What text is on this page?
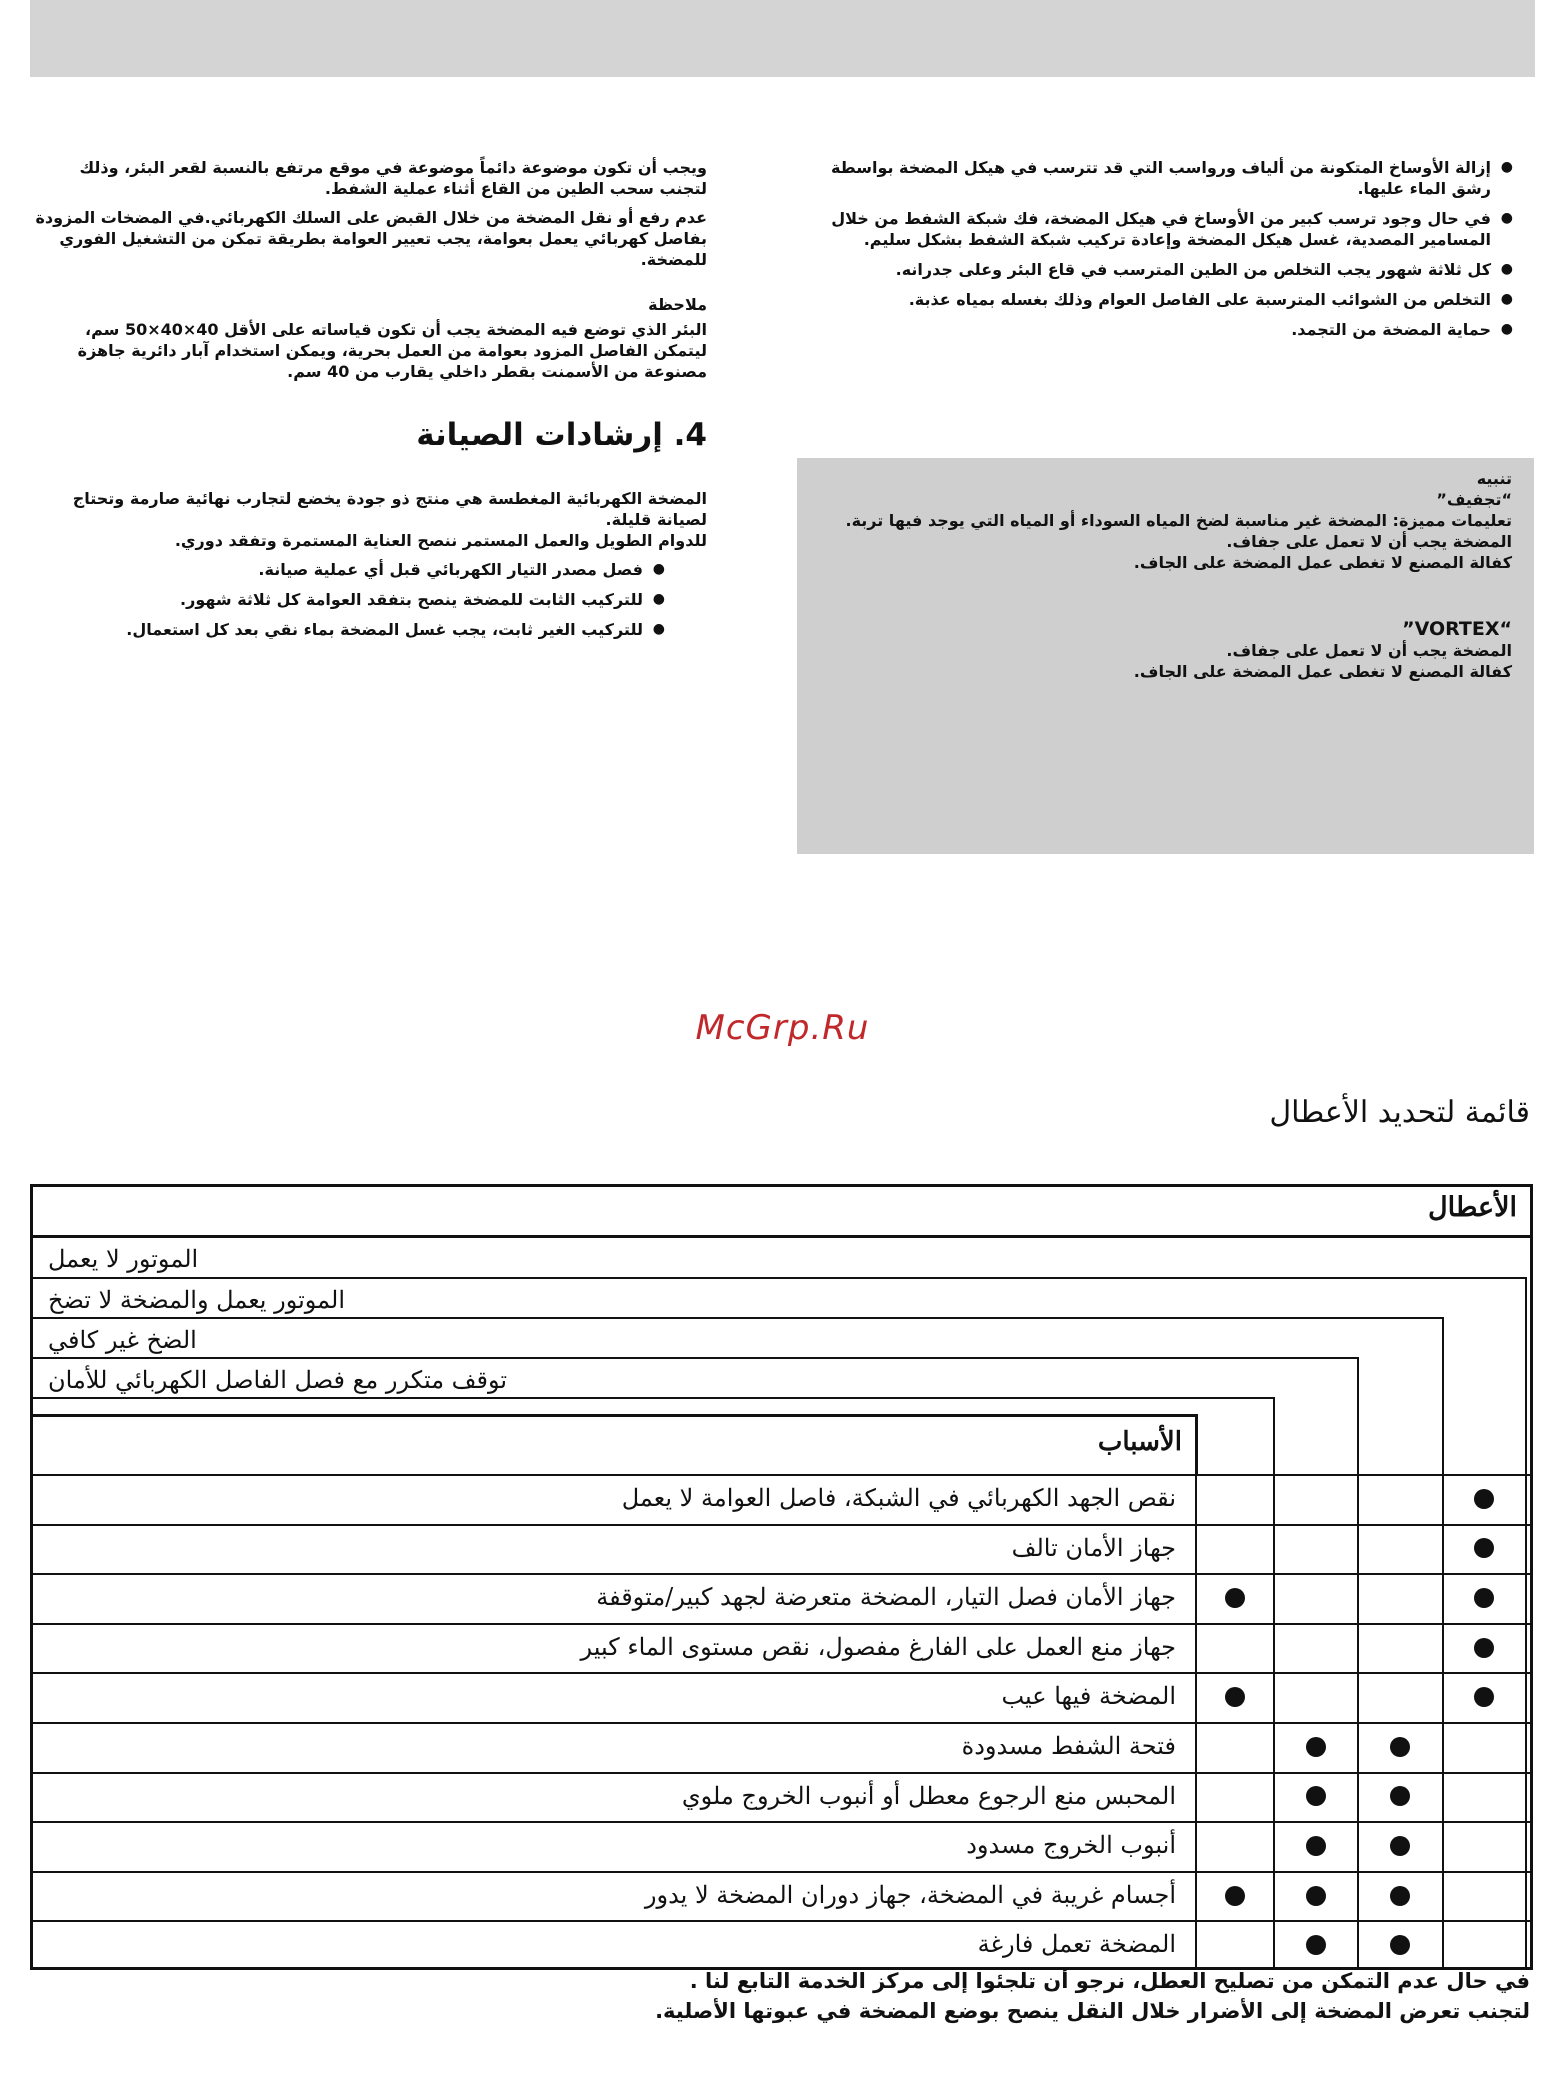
●
إزالة الأوساخ المتكونة من ألياف ورواسب التي قد تترسب في هيكل المضخة بواسطة رشق الماء عليها.
●
في حال وجود ترسب كبير من الأوساخ في هيكل المضخة، فك شبكة الشفط من خلال المسامير المصدية، غسل هيكل المضخة وإعادة تركيب شبكة الشفط بشكل سليم.
●
كل ثلاثة شهور يجب التخلص من الطين المترسب في قاع البئر وعلى جدرانه.
●
التخلص من الشوائب المترسبة على الفاصل العوام وذلك بغسله بمياه عذبة.
●
حماية المضخة من التجمد.

ويجب أن تكون موضوعة دائماً موضوعة في موقع مرتفع بالنسبة لقعر البئر، وذلك لتجنب سحب الطين من القاع أثناء عملية الشفط.

عدم رفع أو نقل المضخة من خلال القبض على السلك الكهربائي.في المضخات المزودة بفاصل كهربائي يعمل بعوامة، يجب تعيير العوامة بطريقة تمكن من التشغيل الفوري للمضخة.

ملاحظة

البئر الذي توضع فيه المضخة يجب أن تكون قياساته على الأقل 40×40×50 سم، ليتمكن الفاصل المزود بعوامة من العمل بحرية، ويمكن استخدام آبار دائرية جاهزة مصنوعة من الأسمنت بقطر داخلي يقارب من 40 سم.

4. إرشادات الصيانة

المضخة الكهربائية المغطسة هي منتج ذو جودة يخضع لتجارب نهائية صارمة وتحتاج لصيانة قليلة.

للدوام الطويل والعمل المستمر ننصح العناية المستمرة وتفقد دوري.

●
فصل مصدر التيار الكهربائي قبل أي عملية صيانة.
●
للتركيب الثابت للمضخة ينصح بتفقد العوامة كل ثلاثة شهور.
●
للتركيب الغير ثابت، يجب غسل المضخة بماء نقي بعد كل استعمال.

تنبيه

“تجفيف”

تعليمات مميزة: المضخة غير مناسبة لضخ المياه السوداء أو المياه التي يوجد فيها تربة.

المضخة يجب أن لا تعمل على جفاف.

كفالة المصنع لا تغطى عمل المضخة على الجاف.

“VORTEX”

المضخة يجب أن لا تعمل على جفاف.

كفالة المصنع لا تغطى عمل المضخة على الجاف.

McGrp.Ru
قائمة لتحديد الأعطال
الأعطال
الموتور لا يعمل
الموتور يعمل والمضخة لا تضخ
الضخ غير كافي
توقف متكرر مع فصل الفاصل الكهربائي للأمان
الأسباب
نقص الجهد الكهربائي في الشبكة، فاصل العوامة لا يعمل
جهاز الأمان تالف
جهاز الأمان فصل التيار، المضخة متعرضة لجهد كبير/متوقفة
جهاز منع العمل على الفارغ مفصول، نقص مستوى الماء كبير
المضخة فيها عيب
فتحة الشفط مسدودة
المحبس منع الرجوع معطل أو أنبوب الخروج ملوي
أنبوب الخروج مسدود
أجسام غريبة في المضخة، جهاز دوران المضخة لا يدور
المضخة تعمل فارغة

في حال عدم التمكن من تصليح العطل، نرجو أن تلجئوا إلى مركز الخدمة التابع لنا .

لتجنب تعرض المضخة إلى الأضرار خلال النقل ينصح بوضع المضخة في عبوتها الأصلية.
